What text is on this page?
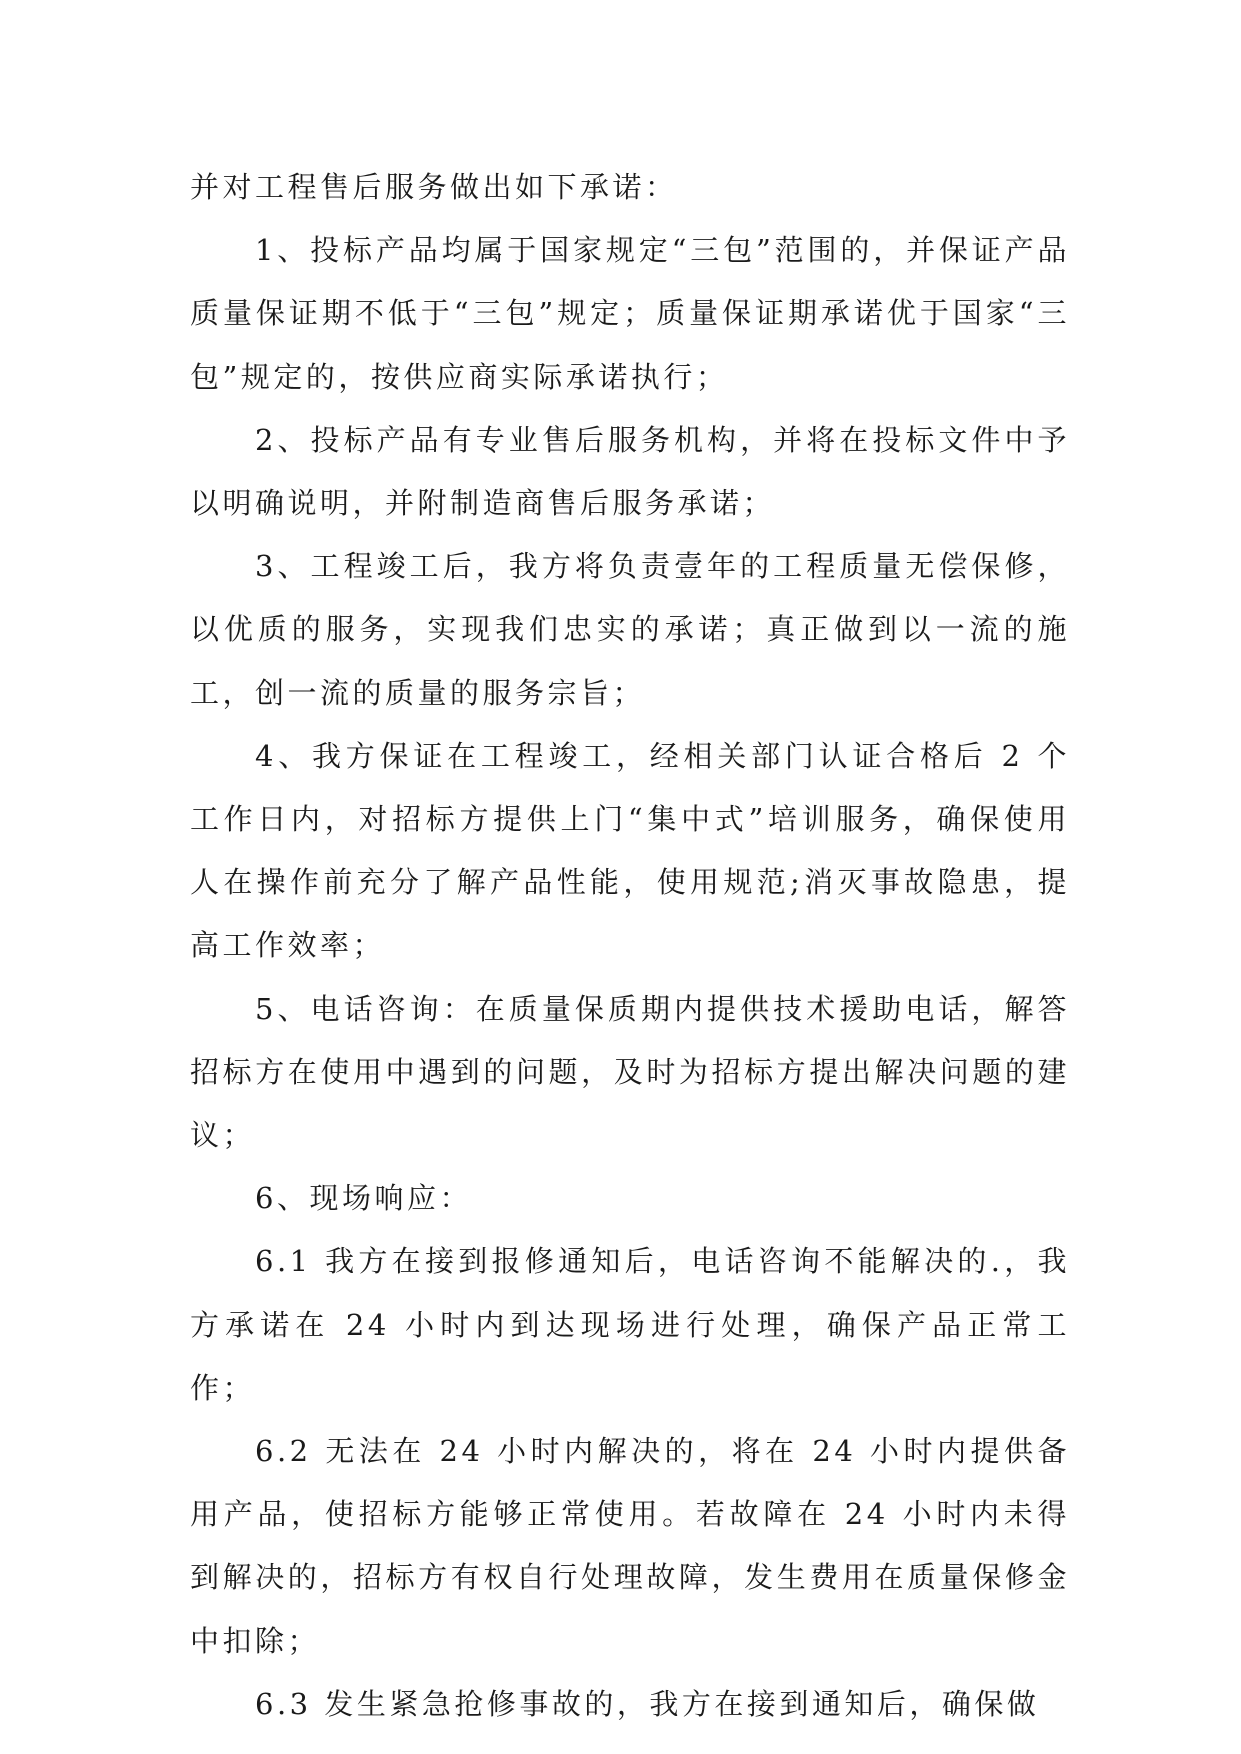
并对工程售后服务做出如下承诺：

1、投标产品均属于国家规定“三包”范围的，并保证产品质量保证期不低于“三包”规定；质量保证期承诺优于国家“三包”规定的，按供应商实际承诺执行；

2、投标产品有专业售后服务机构，并将在投标文件中予以明确说明，并附制造商售后服务承诺；

3、工程竣工后，我方将负责壹年的工程质量无偿保修，以优质的服务，实现我们忠实的承诺；真正做到以一流的施工，创一流的质量的服务宗旨；

4、我方保证在工程竣工，经相关部门认证合格后 2 个工作日内，对招标方提供上门“集中式”培训服务，确保使用人在操作前充分了解产品性能，使用规范;消灭事故隐患，提高工作效率；

5、电话咨询：在质量保质期内提供技术援助电话，解答招标方在使用中遇到的问题，及时为招标方提出解决问题的建议；

6、现场响应：

6.1 我方在接到报修通知后，电话咨询不能解决的.，我方承诺在 24 小时内到达现场进行处理，确保产品正常工作；

6.2 无法在 24 小时内解决的，将在 24 小时内提供备用产品，使招标方能够正常使用。若故障在 24 小时内未得到解决的，招标方有权自行处理故障，发生费用在质量保修金中扣除；

6.3 发生紧急抢修事故的，我方在接到通知后，确保做
